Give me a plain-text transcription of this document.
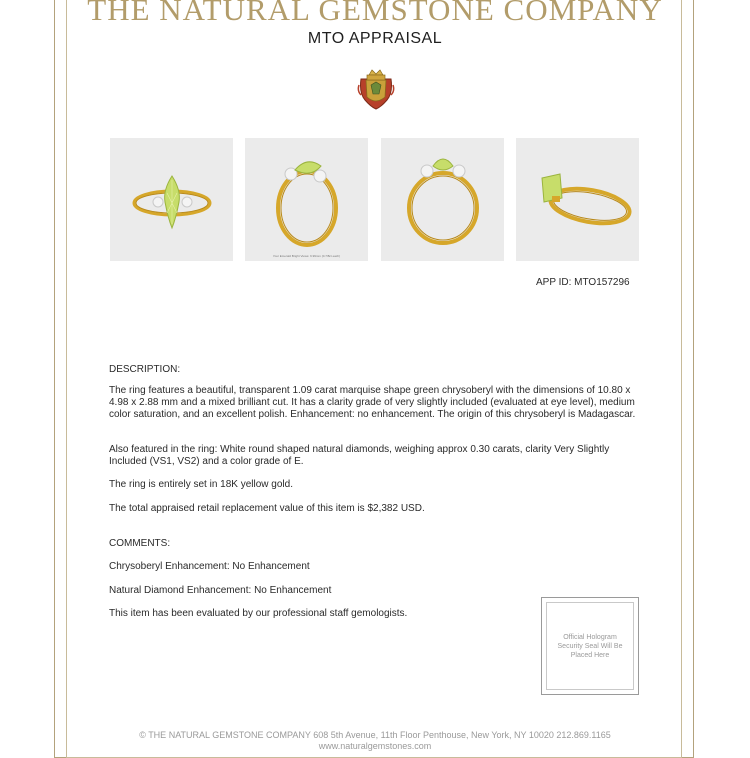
THE NATURAL GEMSTONE COMPANY
MTO APPRAISAL
Your Emerald Bright Views: 6.99mm (0.7/8ct each)
APP ID: MTO157296
DESCRIPTION:

The ring features a beautiful, transparent 1.09 carat marquise shape green chrysoberyl with the dimensions of 10.80 x 4.98 x 2.88 mm and a mixed brilliant cut. It has a clarity grade of very slightly included (evaluated at eye level), medium color saturation, and an excellent polish. Enhancement: no enhancement. The origin of this chrysoberyl is Madagascar.

Also featured in the ring: White round shaped natural diamonds, weighing approx 0.30 carats, clarity Very Slightly Included (VS1, VS2) and a color grade of E.

The ring is entirely set in 18K yellow gold.

The total appraised retail replacement value of this item is $2,382 USD.

COMMENTS:

Chrysoberyl Enhancement: No Enhancement

Natural Diamond Enhancement: No Enhancement

This item has been evaluated by our professional staff gemologists.

Official Hologram Security Seal Will Be Placed Here
© THE NATURAL GEMSTONE COMPANY 608 5th Avenue, 11th Floor Penthouse, New York, NY 10020 212.869.1165
www.naturalgemstones.com
